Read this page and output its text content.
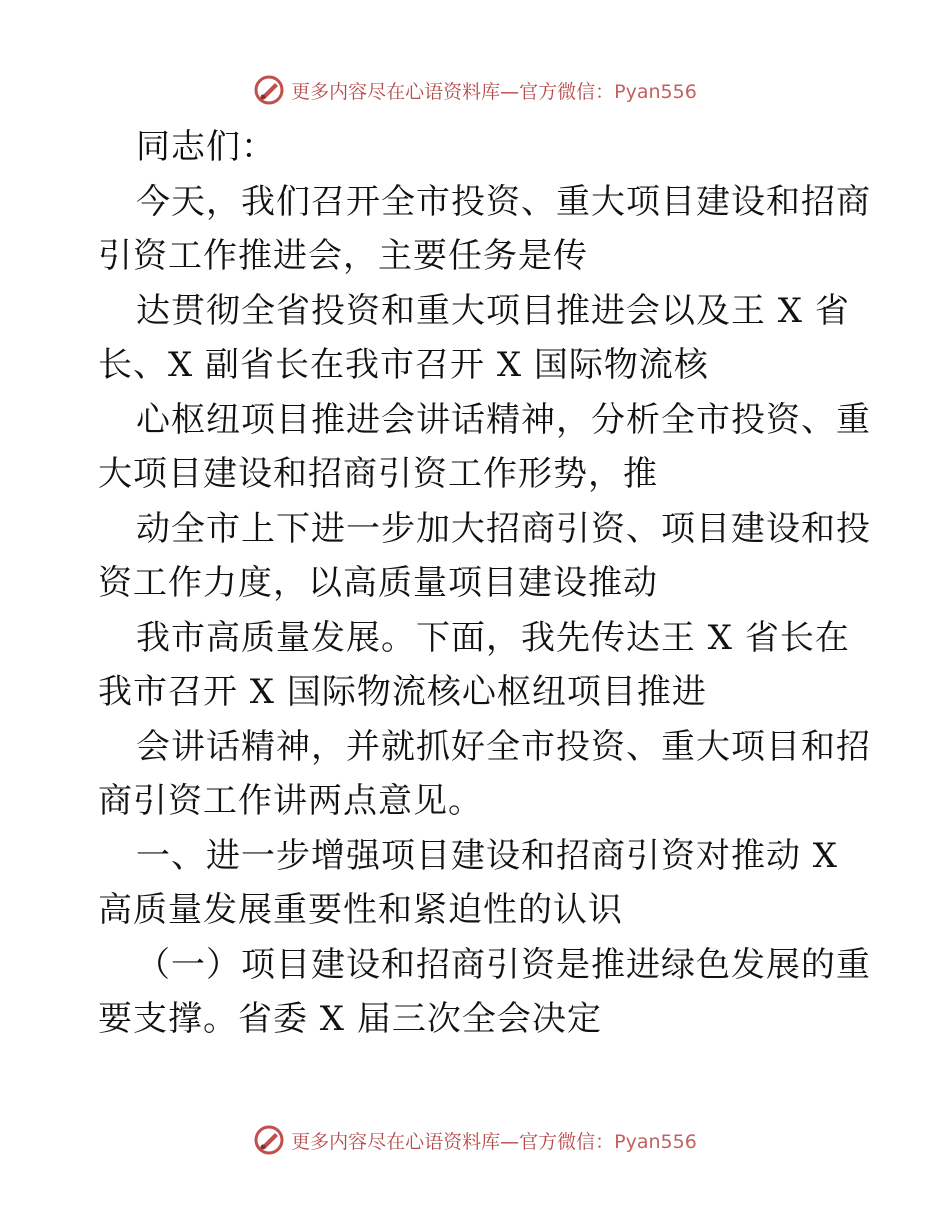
更多内容尽在心语资料库—官方微信：Pyan556
同志们：
今天，我们召开全市投资、重大项目建设和招商
引资工作推进会，主要任务是传
达贯彻全省投资和重大项目推进会以及王 X 省
长、X 副省长在我市召开 X 国际物流核
心枢纽项目推进会讲话精神，分析全市投资、重
大项目建设和招商引资工作形势，推
动全市上下进一步加大招商引资、项目建设和投
资工作力度，以高质量项目建设推动
我市高质量发展。下面，我先传达王 X 省长在
我市召开 X 国际物流核心枢纽项目推进
会讲话精神，并就抓好全市投资、重大项目和招
商引资工作讲两点意见。
一、进一步增强项目建设和招商引资对推动 X
高质量发展重要性和紧迫性的认识
（一）项目建设和招商引资是推进绿色发展的重
要支撑。省委 X 届三次全会决定
更多内容尽在心语资料库—官方微信：Pyan556
